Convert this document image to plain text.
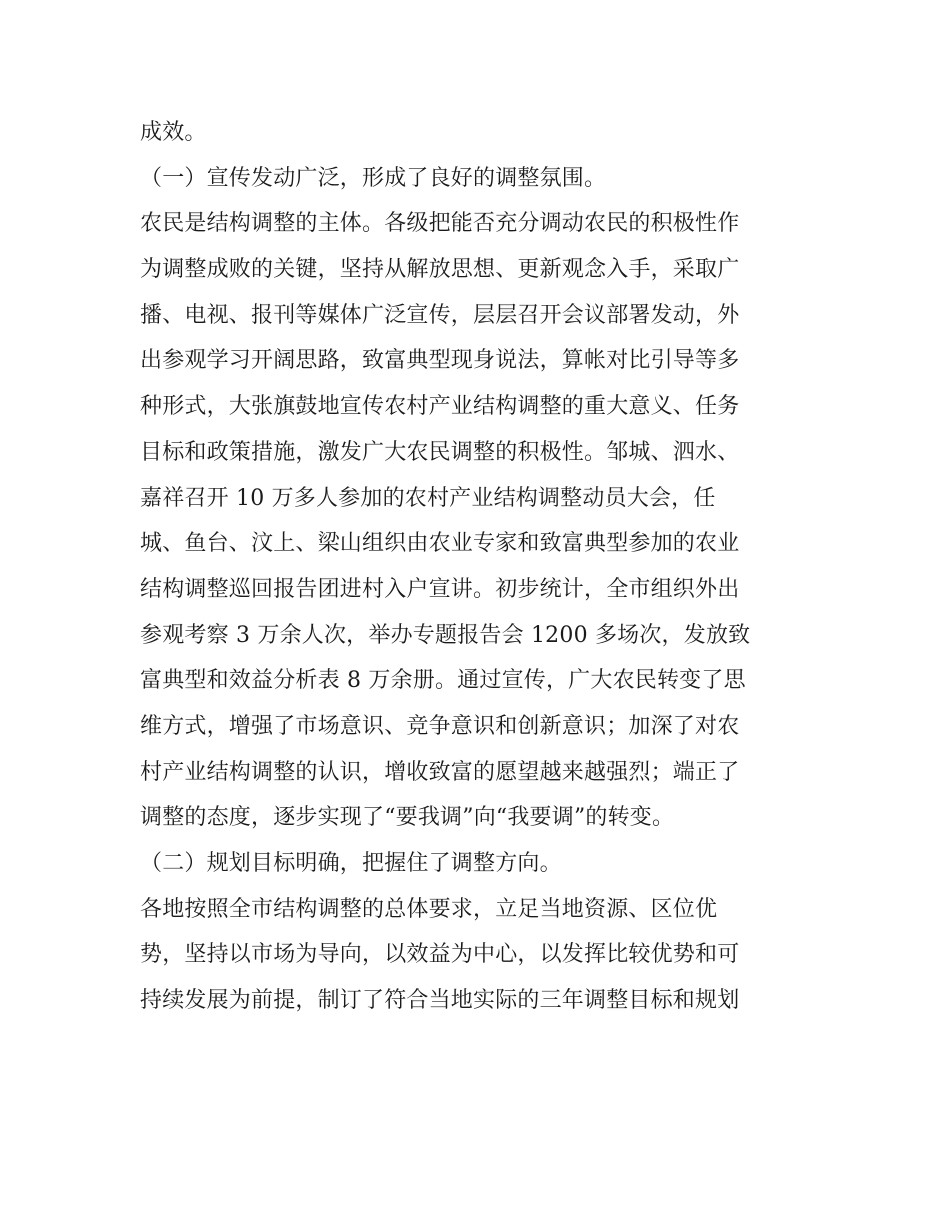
成效。
（一）宣传发动广泛，形成了良好的调整氛围。
农民是结构调整的主体。各级把能否充分调动农民的积极性作
为调整成败的关键，坚持从解放思想、更新观念入手，采取广
播、电视、报刊等媒体广泛宣传，层层召开会议部署发动，外
出参观学习开阔思路，致富典型现身说法，算帐对比引导等多
种形式，大张旗鼓地宣传农村产业结构调整的重大意义、任务
目标和政策措施，激发广大农民调整的积极性。邹城、泗水、
嘉祥召开 10 万多人参加的农村产业结构调整动员大会，任
城、鱼台、汶上、梁山组织由农业专家和致富典型参加的农业
结构调整巡回报告团进村入户宣讲。初步统计，全市组织外出
参观考察 3 万余人次，举办专题报告会 1200 多场次，发放致
富典型和效益分析表 8 万余册。通过宣传，广大农民转变了思
维方式，增强了市场意识、竞争意识和创新意识；加深了对农
村产业结构调整的认识，增收致富的愿望越来越强烈；端正了
调整的态度，逐步实现了“要我调”向“我要调”的转变。
（二）规划目标明确，把握住了调整方向。
各地按照全市结构调整的总体要求，立足当地资源、区位优
势，坚持以市场为导向，以效益为中心，以发挥比较优势和可
持续发展为前提，制订了符合当地实际的三年调整目标和规划
